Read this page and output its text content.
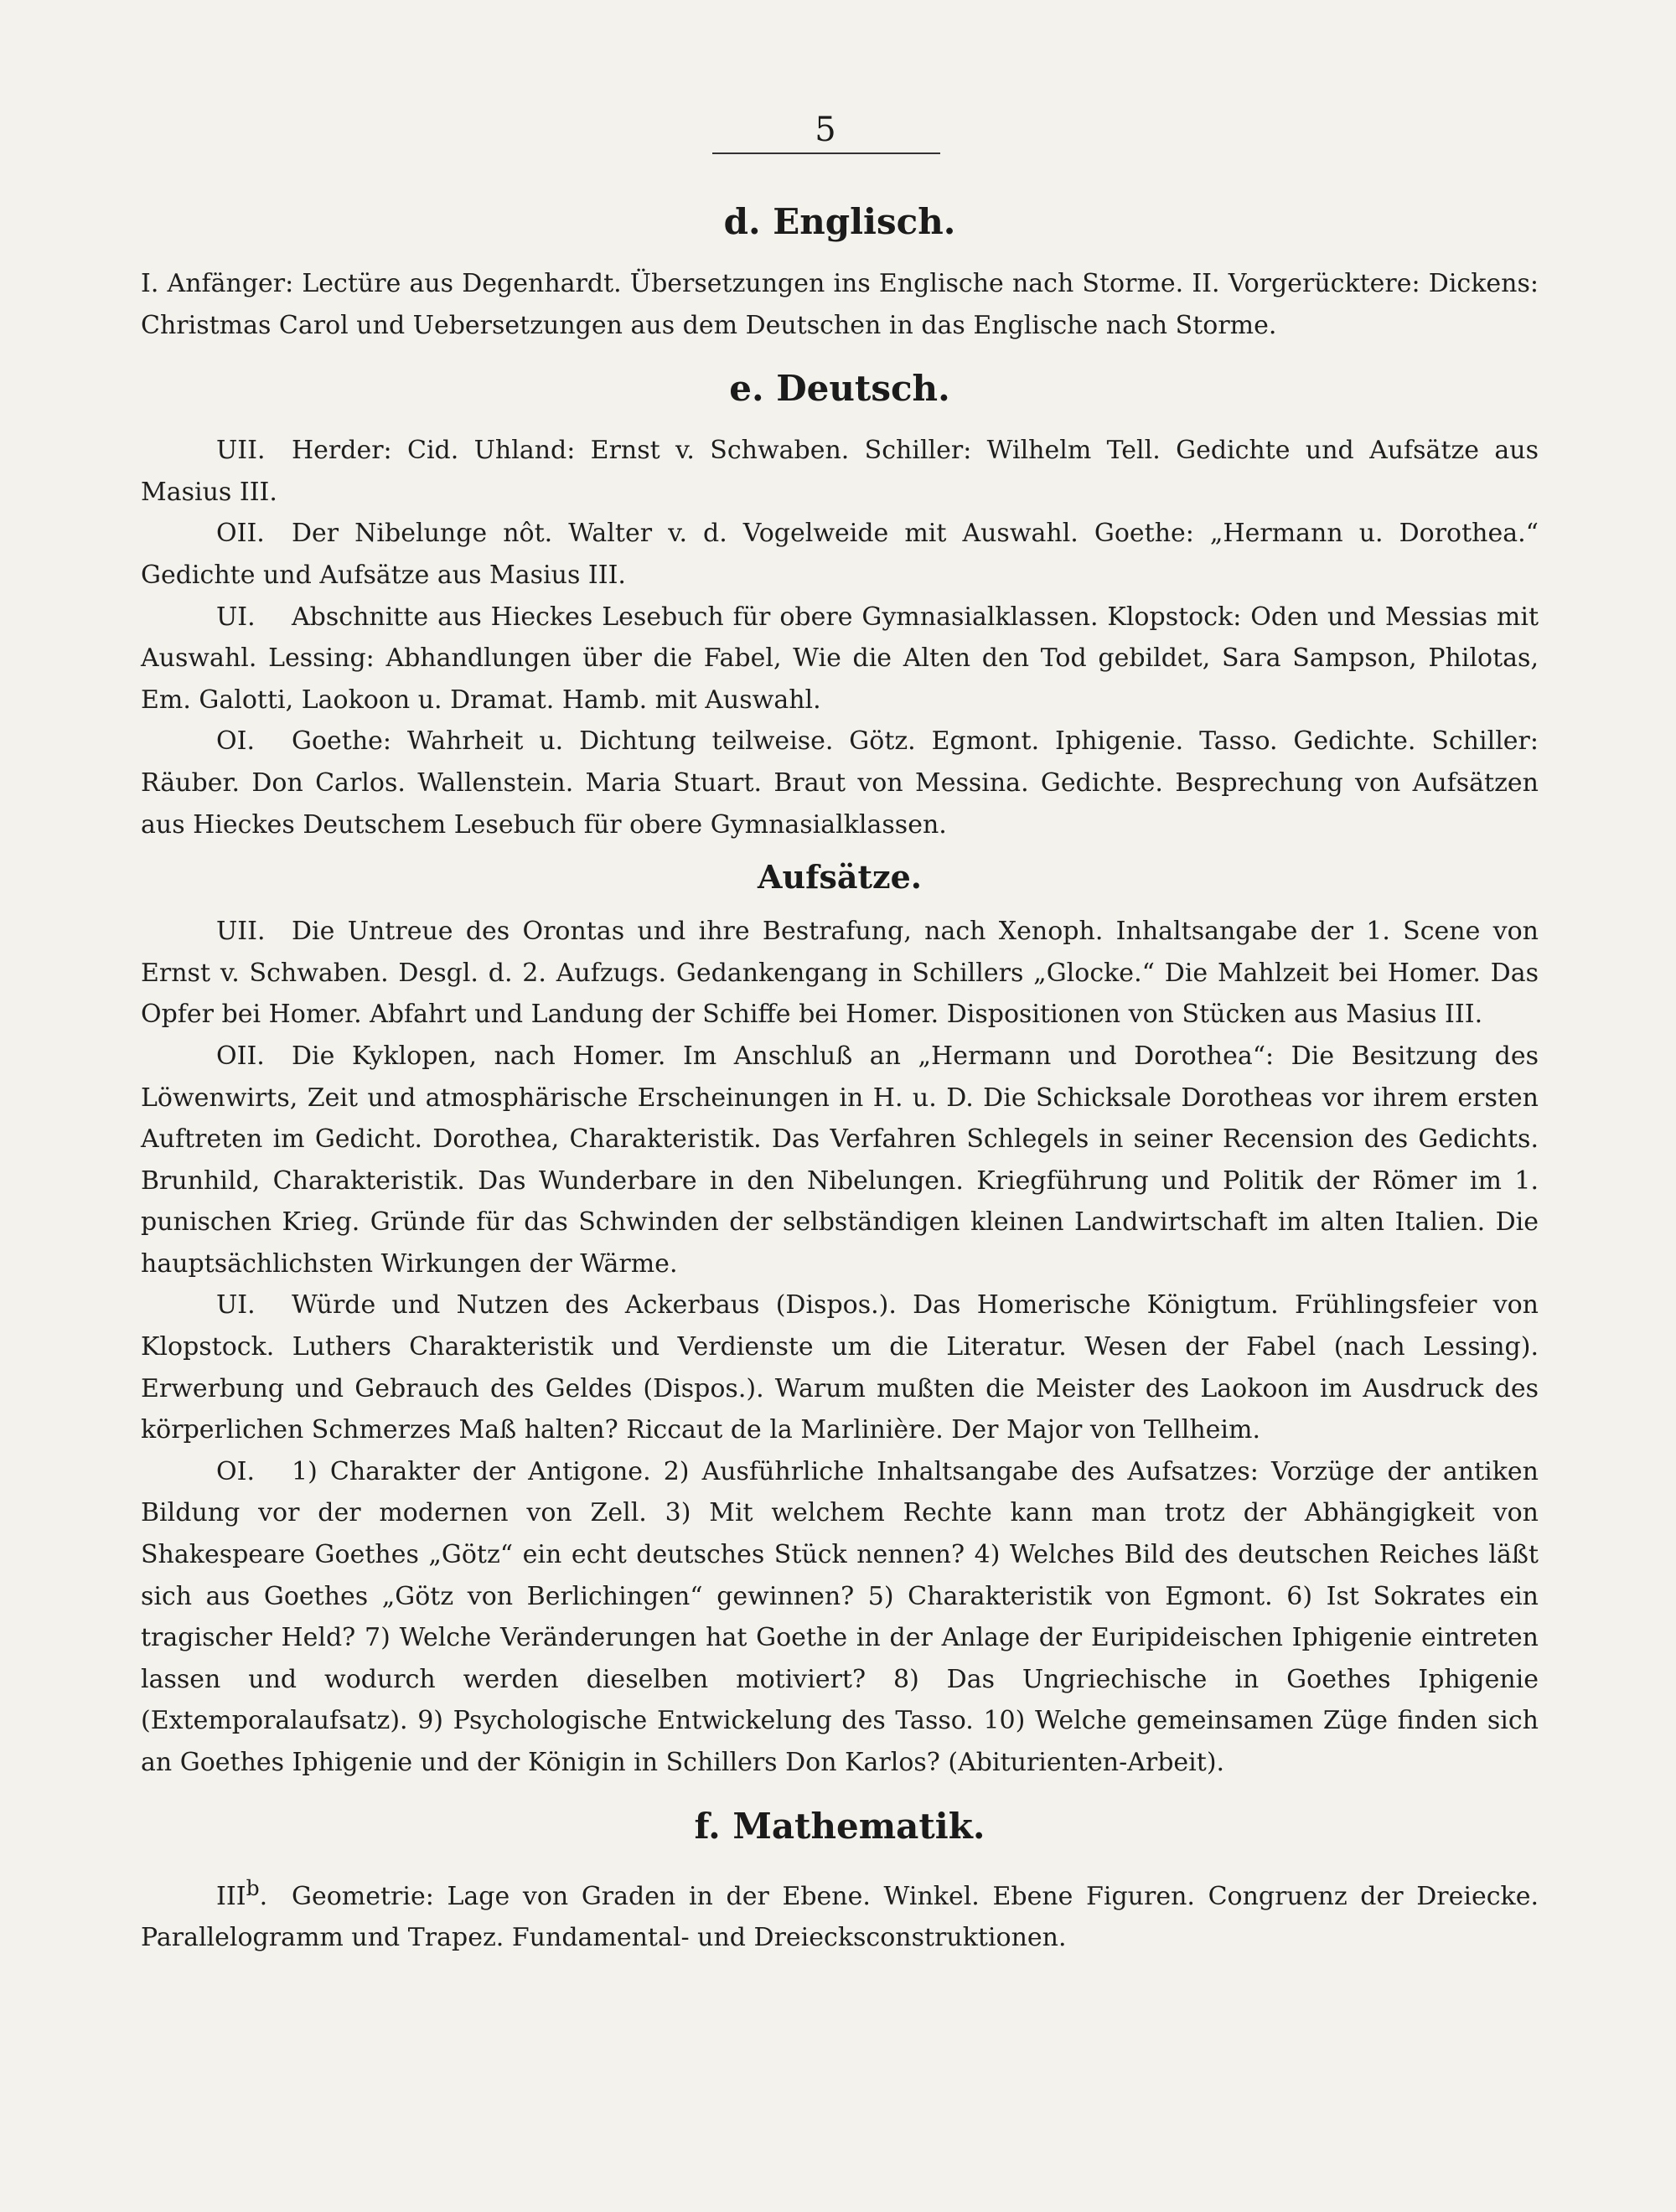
5
d. Englisch.

I. Anfänger: Lectüre aus Degenhardt. Übersetzungen ins Englische nach Storme. II. Vorgerücktere: Dickens: Christmas Carol und Uebersetzungen aus dem Deutschen in das Englische nach Storme.

e. Deutsch.

UII. Herder: Cid. Uhland: Ernst v. Schwaben. Schiller: Wilhelm Tell. Gedichte und Aufsätze aus Masius III.

OII. Der Nibelunge nôt. Walter v. d. Vogelweide mit Auswahl. Goethe: „Hermann u. Dorothea.“ Gedichte und Aufsätze aus Masius III.

UI. Abschnitte aus Hieckes Lesebuch für obere Gymnasialklassen. Klopstock: Oden und Messias mit Auswahl. Lessing: Abhandlungen über die Fabel, Wie die Alten den Tod gebildet, Sara Sampson, Philotas, Em. Galotti, Laokoon u. Dramat. Hamb. mit Auswahl.

OI. Goethe: Wahrheit u. Dichtung teilweise. Götz. Egmont. Iphigenie. Tasso. Gedichte. Schiller: Räuber. Don Carlos. Wallenstein. Maria Stuart. Braut von Messina. Gedichte. Besprechung von Aufsätzen aus Hieckes Deutschem Lesebuch für obere Gymnasialklassen.

Aufsätze.

UII. Die Untreue des Orontas und ihre Bestrafung, nach Xenoph. Inhaltsangabe der 1. Scene von Ernst v. Schwaben. Desgl. d. 2. Aufzugs. Gedankengang in Schillers „Glocke.“ Die Mahlzeit bei Homer. Das Opfer bei Homer. Abfahrt und Landung der Schiffe bei Homer. Dispositionen von Stücken aus Masius III.

OII. Die Kyklopen, nach Homer. Im Anschluß an „Hermann und Dorothea“: Die Besitzung des Löwenwirts, Zeit und atmosphärische Erscheinungen in H. u. D. Die Schicksale Dorotheas vor ihrem ersten Auftreten im Gedicht. Dorothea, Charakteristik. Das Verfahren Schlegels in seiner Recension des Gedichts. Brunhild, Charakteristik. Das Wunderbare in den Nibelungen. Kriegführung und Politik der Römer im 1. punischen Krieg. Gründe für das Schwinden der selbständigen kleinen Landwirtschaft im alten Italien. Die hauptsächlichsten Wirkungen der Wärme.

UI. Würde und Nutzen des Ackerbaus (Dispos.). Das Homerische Königtum. Frühlingsfeier von Klopstock. Luthers Charakteristik und Verdienste um die Literatur. Wesen der Fabel (nach Lessing). Erwerbung und Gebrauch des Geldes (Dispos.). Warum mußten die Meister des Laokoon im Ausdruck des körperlichen Schmerzes Maß halten? Riccaut de la Marlinière. Der Major von Tellheim.

OI. 1) Charakter der Antigone. 2) Ausführliche Inhaltsangabe des Aufsatzes: Vorzüge der antiken Bildung vor der modernen von Zell. 3) Mit welchem Rechte kann man trotz der Abhängigkeit von Shakespeare Goethes „Götz“ ein echt deutsches Stück nennen? 4) Welches Bild des deutschen Reiches läßt sich aus Goethes „Götz von Berlichingen“ gewinnen? 5) Charakteristik von Egmont. 6) Ist Sokrates ein tragischer Held? 7) Welche Veränderungen hat Goethe in der Anlage der Euripideischen Iphigenie eintreten lassen und wodurch werden dieselben motiviert? 8) Das Ungriechische in Goethes Iphigenie (Extemporalaufsatz). 9) Psychologische Entwickelung des Tasso. 10) Welche gemeinsamen Züge finden sich an Goethes Iphigenie und der Königin in Schillers Don Karlos? (Abiturienten-Arbeit).

f. Mathematik.

III$^b$. Geometrie: Lage von Graden in der Ebene. Winkel. Ebene Figuren. Congruenz der Dreiecke. Parallelogramm und Trapez. Fundamental- und Dreiecksconstruktionen.
